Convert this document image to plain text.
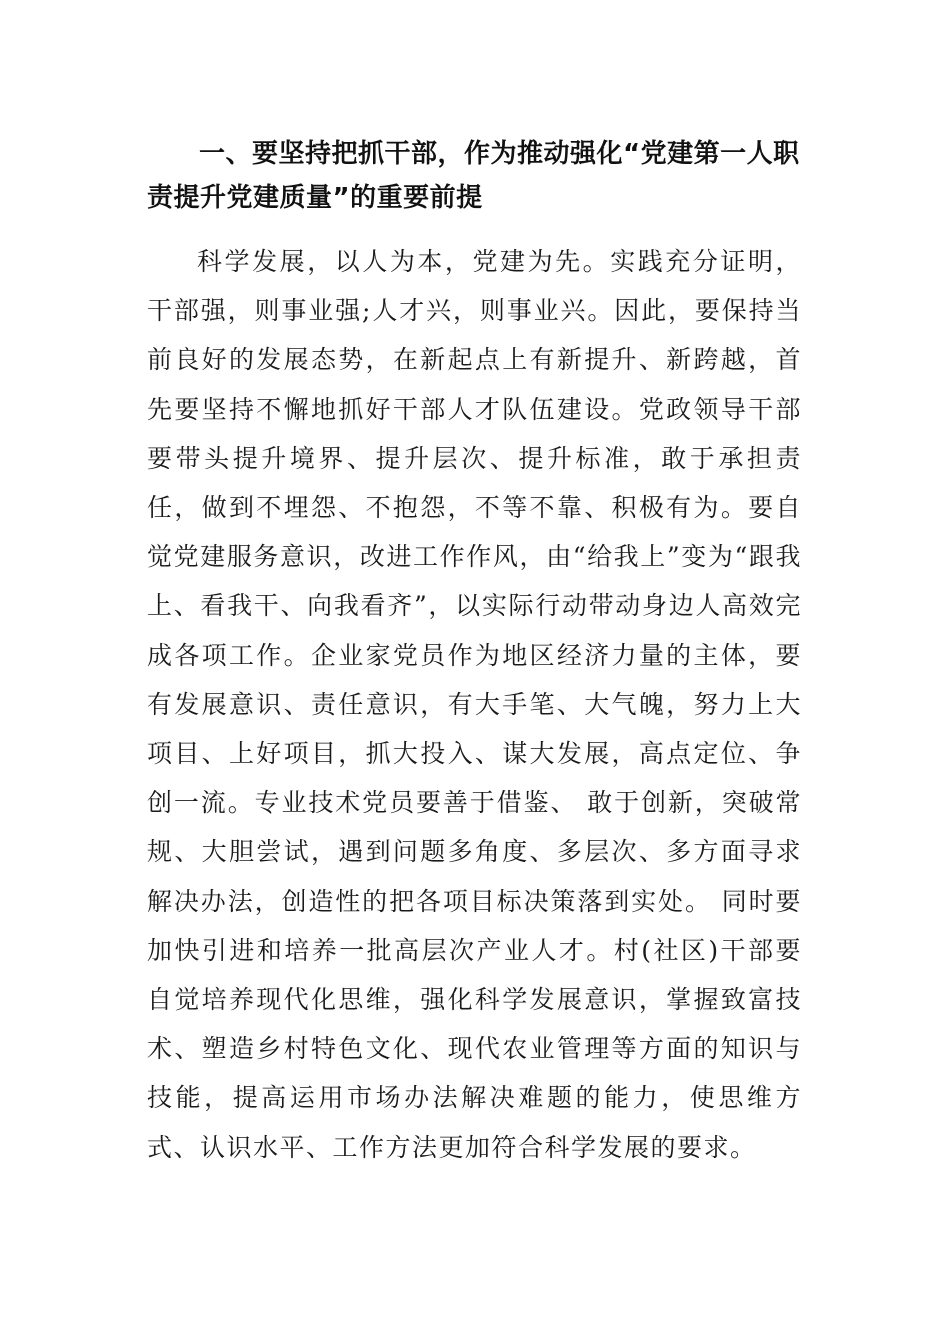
一、要坚持把抓干部，作为推动强化“党建第一人职责提升党建质量”的重要前提
科学发展，以人为本，党建为先。实践充分证明，干部强，则事业强;人才兴，则事业兴。因此，要保持当前良好的发展态势，在新起点上有新提升、新跨越，首先要坚持不懈地抓好干部人才队伍建设。党政领导干部要带头提升境界、提升层次、提升标准，敢于承担责任，做到不埋怨、不抱怨，不等不靠、积极有为。要自觉党建服务意识，改进工作作风，由“给我上”变为“跟我上、看我干、向我看齐”，以实际行动带动身边人高效完成各项工作。企业家党员作为地区经济力量的主体，要有发展意识、责任意识，有大手笔、大气魄，努力上大项目、上好项目，抓大投入、谋大发展，高点定位、争创一流。专业技术党员要善于借鉴、 敢于创新，突破常规、大胆尝试，遇到问题多角度、多层次、多方面寻求解决办法，创造性的把各项目标决策落到实处。 同时要加快引进和培养一批高层次产业人才。村(社区)干部要自觉培养现代化思维，强化科学发展意识，掌握致富技术、塑造乡村特色文化、现代农业管理等方面的知识与技能，提高运用市场办法解决难题的能力，使思维方式、认识水平、工作方法更加符合科学发展的要求。
